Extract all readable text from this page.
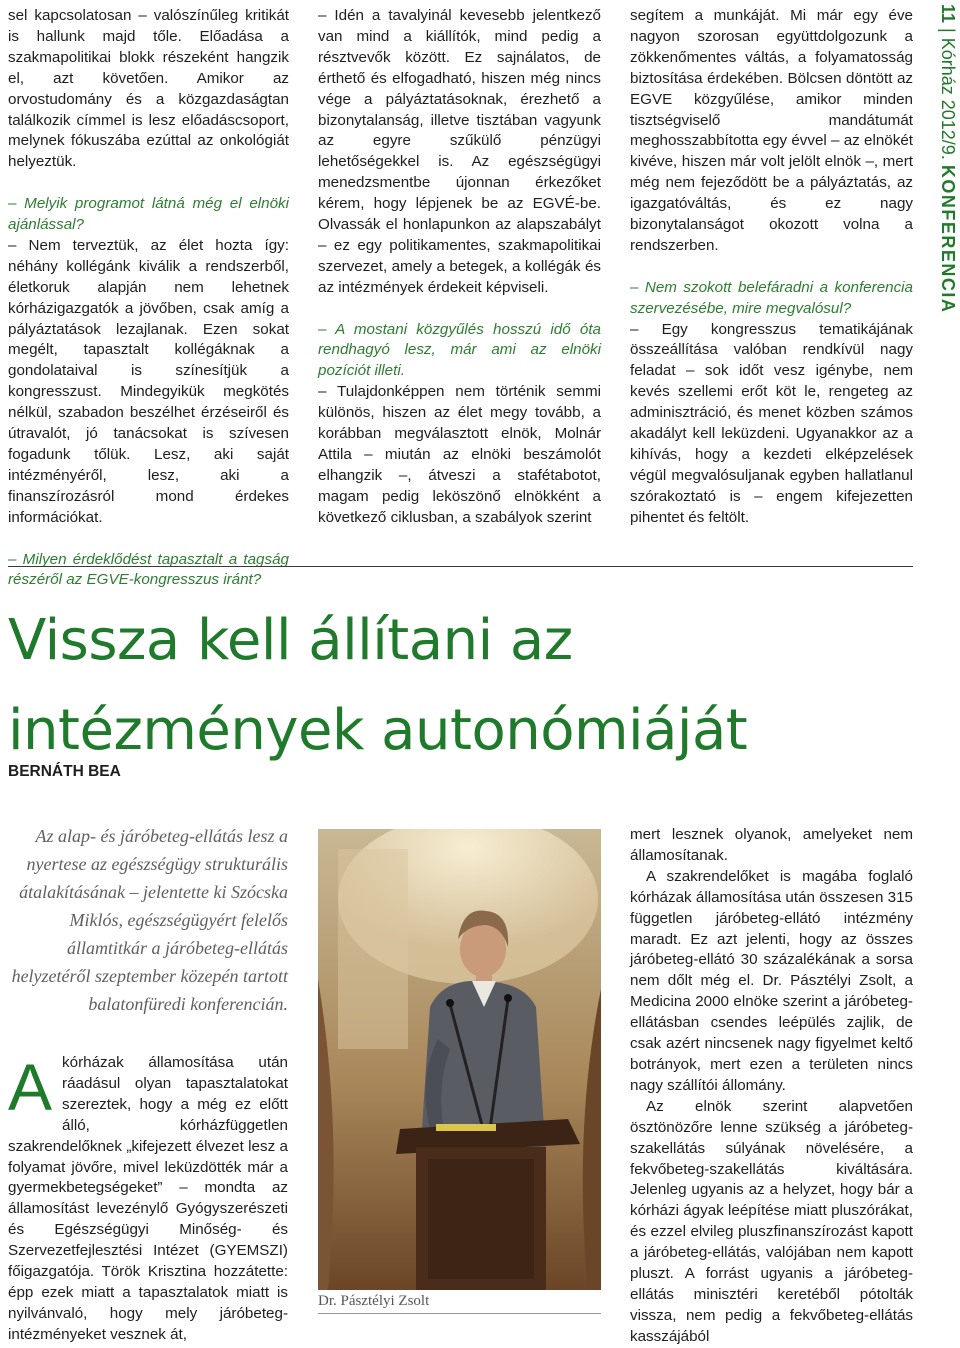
sel kapcsolatosan – valószínűleg kritikát is hallunk majd tőle. Előadása a szakmapolitikai blokk részeként hangzik el, azt követően. Amikor az orvostudomány és a közgazdaságtan találkozik címmel is lesz előadáscsoport, melynek fókuszába ezúttal az onkológiát helyeztük.

– Melyik programot látná még el elnöki ajánlással?

– Nem terveztük, az élet hozta így: néhány kollégánk kiválik a rendszerből, életkoruk alapján nem lehetnek kórházigazgatók a jövőben, csak amíg a pályáztatások lezajlanak. Ezen sokat megélt, tapasztalt kollégáknak a gondolataival is színesítjük a kongresszust. Mindegyikük megkötés nélkül, szabadon beszélhet érzéseiről és útravalót, jó tanácsokat is szívesen fogadunk tőlük. Lesz, aki saját intézményéről, lesz, aki a finanszírozásról mond érdekes információkat.

– Milyen érdeklődést tapasztalt a tagság részéről az EGVE-kongresszus iránt?

– Idén a tavalyinál kevesebb jelentkező van mind a kiállítók, mind pedig a résztvevők között. Ez sajnálatos, de érthető és elfogadható, hiszen még nincs vége a pályáztatásoknak, érezhető a bizonytalanság, illetve tisztában vagyunk az egyre szűkülő pénzügyi lehetőségekkel is. Az egészségügyi menedzsmentbe újonnan érkezőket kérem, hogy lépjenek be az EGVÉ-be. Olvassák el honlapunkon az alapszabályt – ez egy politikamentes, szakmapolitikai szervezet, amely a betegek, a kollégák és az intézmények érdekeit képviseli.

– A mostani közgyűlés hosszú idő óta rendhagyó lesz, már ami az elnöki pozíciót illeti.

– Tulajdonképpen nem történik semmi különös, hiszen az élet megy tovább, a korábban megválasztott elnök, Molnár Attila – miután az elnöki beszámolót elhangzik –, átveszi a stafétabotot, magam pedig leköszönő elnökként a következő ciklusban, a szabályok szerint

segítem a munkáját. Mi már egy éve nagyon szorosan együttdolgozunk a zökkenőmentes váltás, a folyamatosság biztosítása érdekében. Bölcsen döntött az EGVE közgyűlése, amikor minden tisztségviselő mandátumát meghosszabbította egy évvel – az elnökét kivéve, hiszen már volt jelölt elnök –, mert még nem fejeződött be a pályáztatás, az igazgatóváltás, és ez nagy bizonytalanságot okozott volna a rendszerben.

– Nem szokott belefáradni a konferencia szervezésébe, mire megvalósul?

– Egy kongresszus tematikájának összeállítása valóban rendkívül nagy feladat – sok időt vesz igénybe, nem kevés szellemi erőt köt le, rengeteg az adminisztráció, és menet közben számos akadályt kell leküzdeni. Ugyanakkor az a kihívás, hogy a kezdeti elképzelések végül megvalósuljanak egyben hallatlanul szórakoztató is – engem kifejezetten pihentet és feltölt.

11 | Kórház 2012/9. KONFERENCIA
Vissza kell állítani az intézmények autonómiáját
BERNÁTH BEA
Az alap- és járóbeteg-ellátás lesz a nyertese az egészségügy strukturális átalakításának – jelentette ki Szócska Miklós, egészségügyért felelős államtitkár a járóbeteg-ellátás helyzetéről szeptember közepén tartott balatonfüredi konferencián.
A kórházak államosítása után ráadásul olyan tapasztalatokat szereztek, hogy a még ez előtt álló, kórházfüggetlen szakrendelőknek „kifejezett élvezet lesz a folyamat jövőre, mivel leküzdötték már a gyermekbetegségeket” – mondta az államosítást levezénylő Gyógyszerészeti és Egészségügyi Minőség- és Szervezetfejlesztési Intézet (GYEMSZI) főigazgatója. Török Krisztina hozzátette: épp ezek miatt a tapasztalatok miatt is nyilvánvaló, hogy mely járóbeteg-intézményeket vesznek át,
Dr. Pásztélyi Zsolt

mert lesznek olyanok, amelyeket nem államosítanak.

A szakrendelőket is magába foglaló kórházak államosítása után összesen 315 független járóbeteg-ellátó intézmény maradt. Ez azt jelenti, hogy az összes járóbeteg-ellátó 30 százalékának a sorsa nem dőlt még el. Dr. Pásztélyi Zsolt, a Medicina 2000 elnöke szerint a járóbeteg-ellátásban csendes leépülés zajlik, de csak azért nincsenek nagy figyelmet keltő botrányok, mert ezen a területen nincs nagy szállítói állomány.

Az elnök szerint alapvetően ösztönözőre lenne szükség a járóbeteg-szakellátás súlyának növelésére, a fekvőbeteg-szakellátás kiváltására. Jelenleg ugyanis az a helyzet, hogy bár a kórházi ágyak leépítése miatt pluszórákat, és ezzel elvileg pluszfinanszírozást kapott a járóbeteg-ellátás, valójában nem kapott pluszt. A forrást ugyanis a járóbeteg-ellátás minisztéri keretéből pótolták vissza, nem pedig a fekvőbeteg-ellátás kasszájából
